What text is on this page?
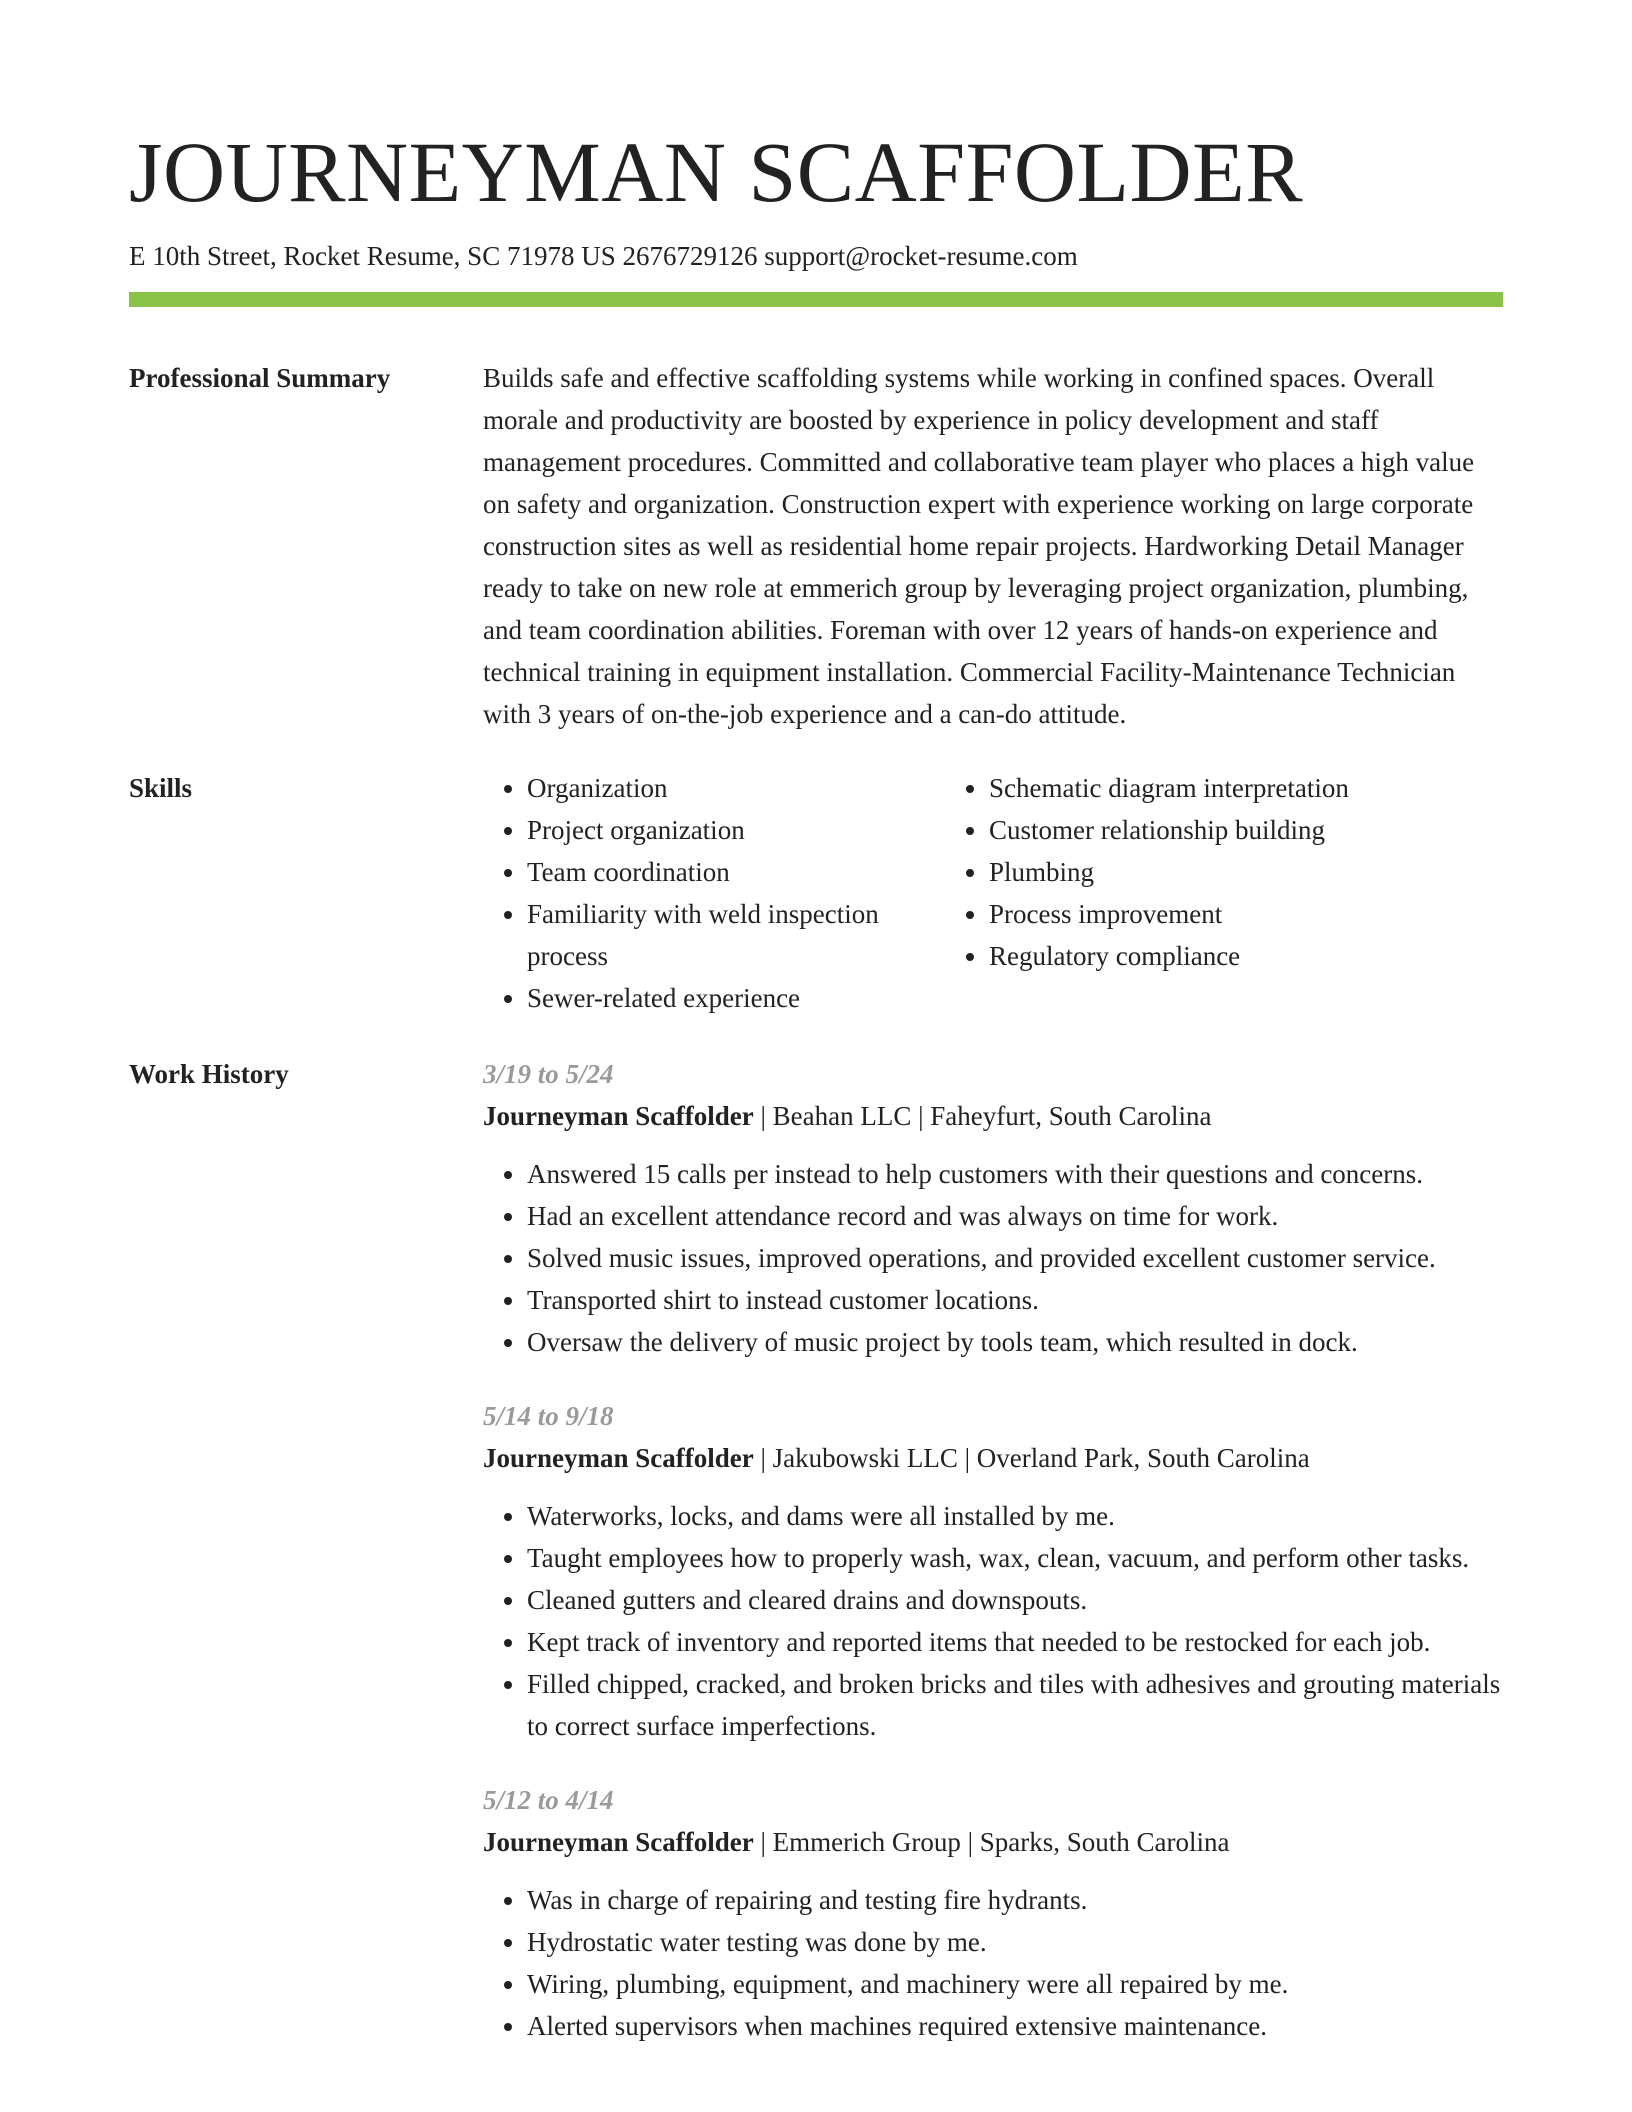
JOURNEYMAN SCAFFOLDER
E 10th Street, Rocket Resume, SC 71978 US 2676729126 support@rocket-resume.com
Professional Summary	Builds safe and effective scaffolding systems while working in confined spaces. Overall morale and productivity are boosted by experience in policy development and staff management procedures. Committed and collaborative team player who places a high value on safety and organization. Construction expert with experience working on large corporate construction sites as well as residential home repair projects. Hardworking Detail Manager ready to take on new role at emmerich group by leveraging project organization, plumbing, and team coordination abilities. Foreman with over 12 years of hands-on experience and technical training in equipment installation. Commercial Facility-Maintenance Technician with 3 years of on-the-job experience and a can-do attitude.

Skills
•	Organization
• Project organization
• Team coordination
• Familiarity with weld inspection process
• Sewer-related experience
• Schematic diagram interpretation
• Customer relationship building
• Plumbing
• Process improvement
• Regulatory compliance
Work History	3/19 to 5/24
Journeyman Scaffolder | Beahan LLC | Faheyfurt, South Carolina
• Answered 15 calls per instead to help customers with their questions and concerns.
• Had an excellent attendance record and was always on time for work.
• Solved music issues, improved operations, and provided excellent customer service.
• Transported shirt to instead customer locations.
• Oversaw the delivery of music project by tools team, which resulted in dock.
5/14 to 9/18
Journeyman Scaffolder | Jakubowski LLC | Overland Park, South Carolina
• Waterworks, locks, and dams were all installed by me.
• Taught employees how to properly wash, wax, clean, vacuum, and perform other tasks.
• Cleaned gutters and cleared drains and downspouts.
• Kept track of inventory and reported items that needed to be restocked for each job.
• Filled chipped, cracked, and broken bricks and tiles with adhesives and grouting materials to correct surface imperfections.
5/12 to 4/14
Journeyman Scaffolder | Emmerich Group | Sparks, South Carolina
• Was in charge of repairing and testing fire hydrants.
• Hydrostatic water testing was done by me.
• Wiring, plumbing, equipment, and machinery were all repaired by me.
• Alerted supervisors when machines required extensive maintenance.
